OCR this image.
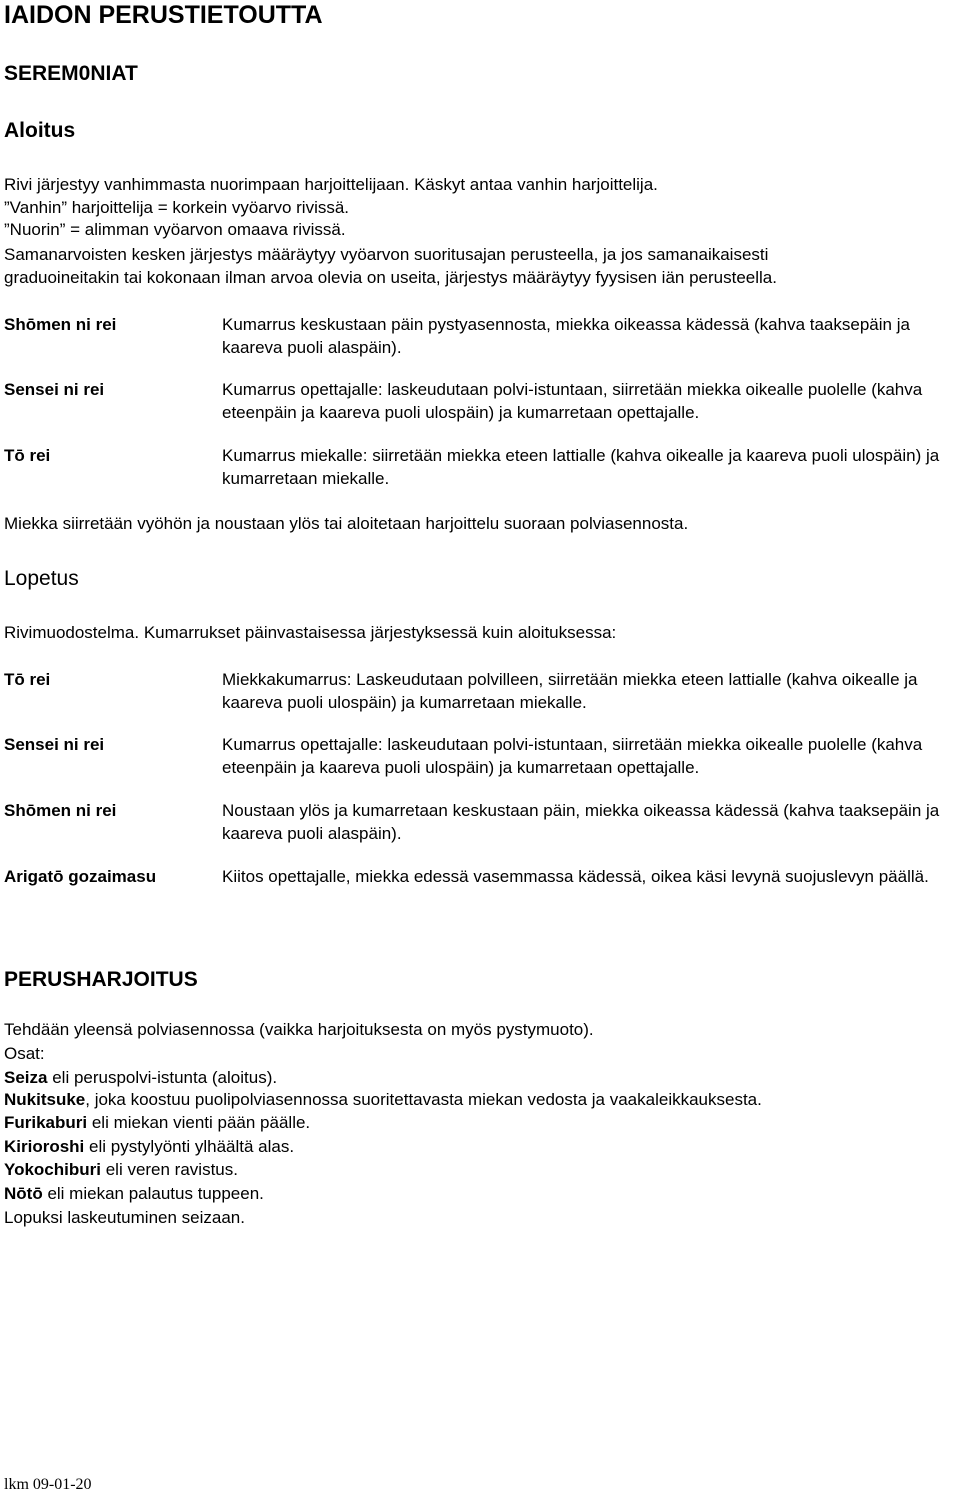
IAIDON PERUSTIETOUTTA
SEREM0NIAT
Aloitus
Rivi järjestyy vanhimmasta nuorimpaan harjoittelijaan. Käskyt antaa vanhin harjoittelija.
”Vanhin” harjoittelija = korkein vyöarvo rivissä.
”Nuorin” = alimman vyöarvon omaava rivissä.
Samanarvoisten kesken järjestys määräytyy vyöarvon suoritusajan perusteella, ja jos samanaikaisesti
graduoineitakin tai kokonaan ilman arvoa olevia on useita, järjestys määräytyy fyysisen iän perusteella.
Shōmen ni rei	Kumarrus keskustaan päin pystyasennosta, miekka oikeassa kädessä (kahva taaksepäin ja kaareva puoli alaspäin).
Sensei ni rei	Kumarrus opettajalle: laskeudutaan polvi-istuntaan, siirretään miekka oikealle puolelle (kahva eteenpäin ja kaareva puoli ulospäin) ja kumarretaan opettajalle.
Tō rei	Kumarrus miekalle: siirretään miekka eteen lattialle (kahva oikealle ja kaareva puoli ulospäin) ja kumarretaan miekalle.
Miekka siirretään vyöhön ja noustaan ylös tai aloitetaan harjoittelu suoraan polviasennosta.
Lopetus
Rivimuodostelma. Kumarrukset päinvastaisessa järjestyksessä kuin aloituksessa:
Tō rei	Miekkakumarrus: Laskeudutaan polvilleen, siirretään miekka eteen lattialle (kahva oikealle ja kaareva puoli ulospäin) ja kumarretaan miekalle.
Sensei ni rei	Kumarrus opettajalle: laskeudutaan polvi-istuntaan, siirretään miekka oikealle puolelle (kahva eteenpäin ja kaareva puoli ulospäin) ja kumarretaan opettajalle.
Shōmen ni rei	Noustaan ylös ja kumarretaan keskustaan päin, miekka oikeassa kädessä (kahva taaksepäin ja kaareva puoli alaspäin).
Arigatō gozaimasu	Kiitos opettajalle, miekka edessä vasemmassa kädessä, oikea käsi levynä suojuslevyn päällä.
PERUSHARJOITUS
Tehdään yleensä polviasennossa (vaikka harjoituksesta on myös pystymuoto).
Osat:
Seiza eli peruspolvi-istunta (aloitus).
Nukitsuke, joka koostuu puolipolviasennossa suoritettavasta miekan vedosta ja vaakaleikkauksesta.
Furikaburi eli miekan vienti pään päälle.
Kirioroshi eli pystylyönti ylhäältä alas.
Yokochiburi eli veren ravistus.
Nōtō eli miekan palautus tuppeen.
Lopuksi laskeutuminen seizaan.
lkm 09-01-20
